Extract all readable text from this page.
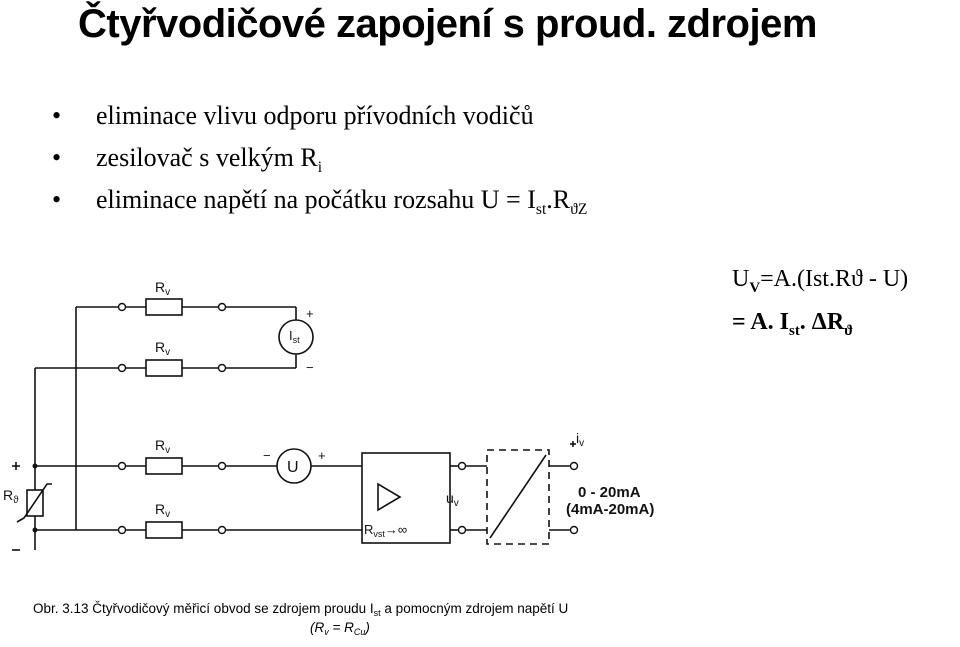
Čtyřvodičové zapojení s proud. zdrojem
• eliminace vlivu odporu přívodních vodičů
• zesilovač s velkým $R_i$
• eliminace napětí na počátku rozsahu $U = I_{st}.R_{ϑZ}$
$U_V=A.(Ist.Rϑ - U)$
= A. $I_{st}$. $\Delta R_ϑ$
$R_v$
$R_v$
$R_v$
$R_v$
$R_ϑ$
$I_{st}$
U
+
−
−	+
$R_{vst}\to\infty$
$u_v$
$i_v$
0 - 20mA
(4mA-20mA)
Obr. 3.13 Čtyřvodičový měřicí obvod se zdrojem proudu $I_{st}$ a pomocným zdrojem napětí U
$(R_v = R_{Cu})$
